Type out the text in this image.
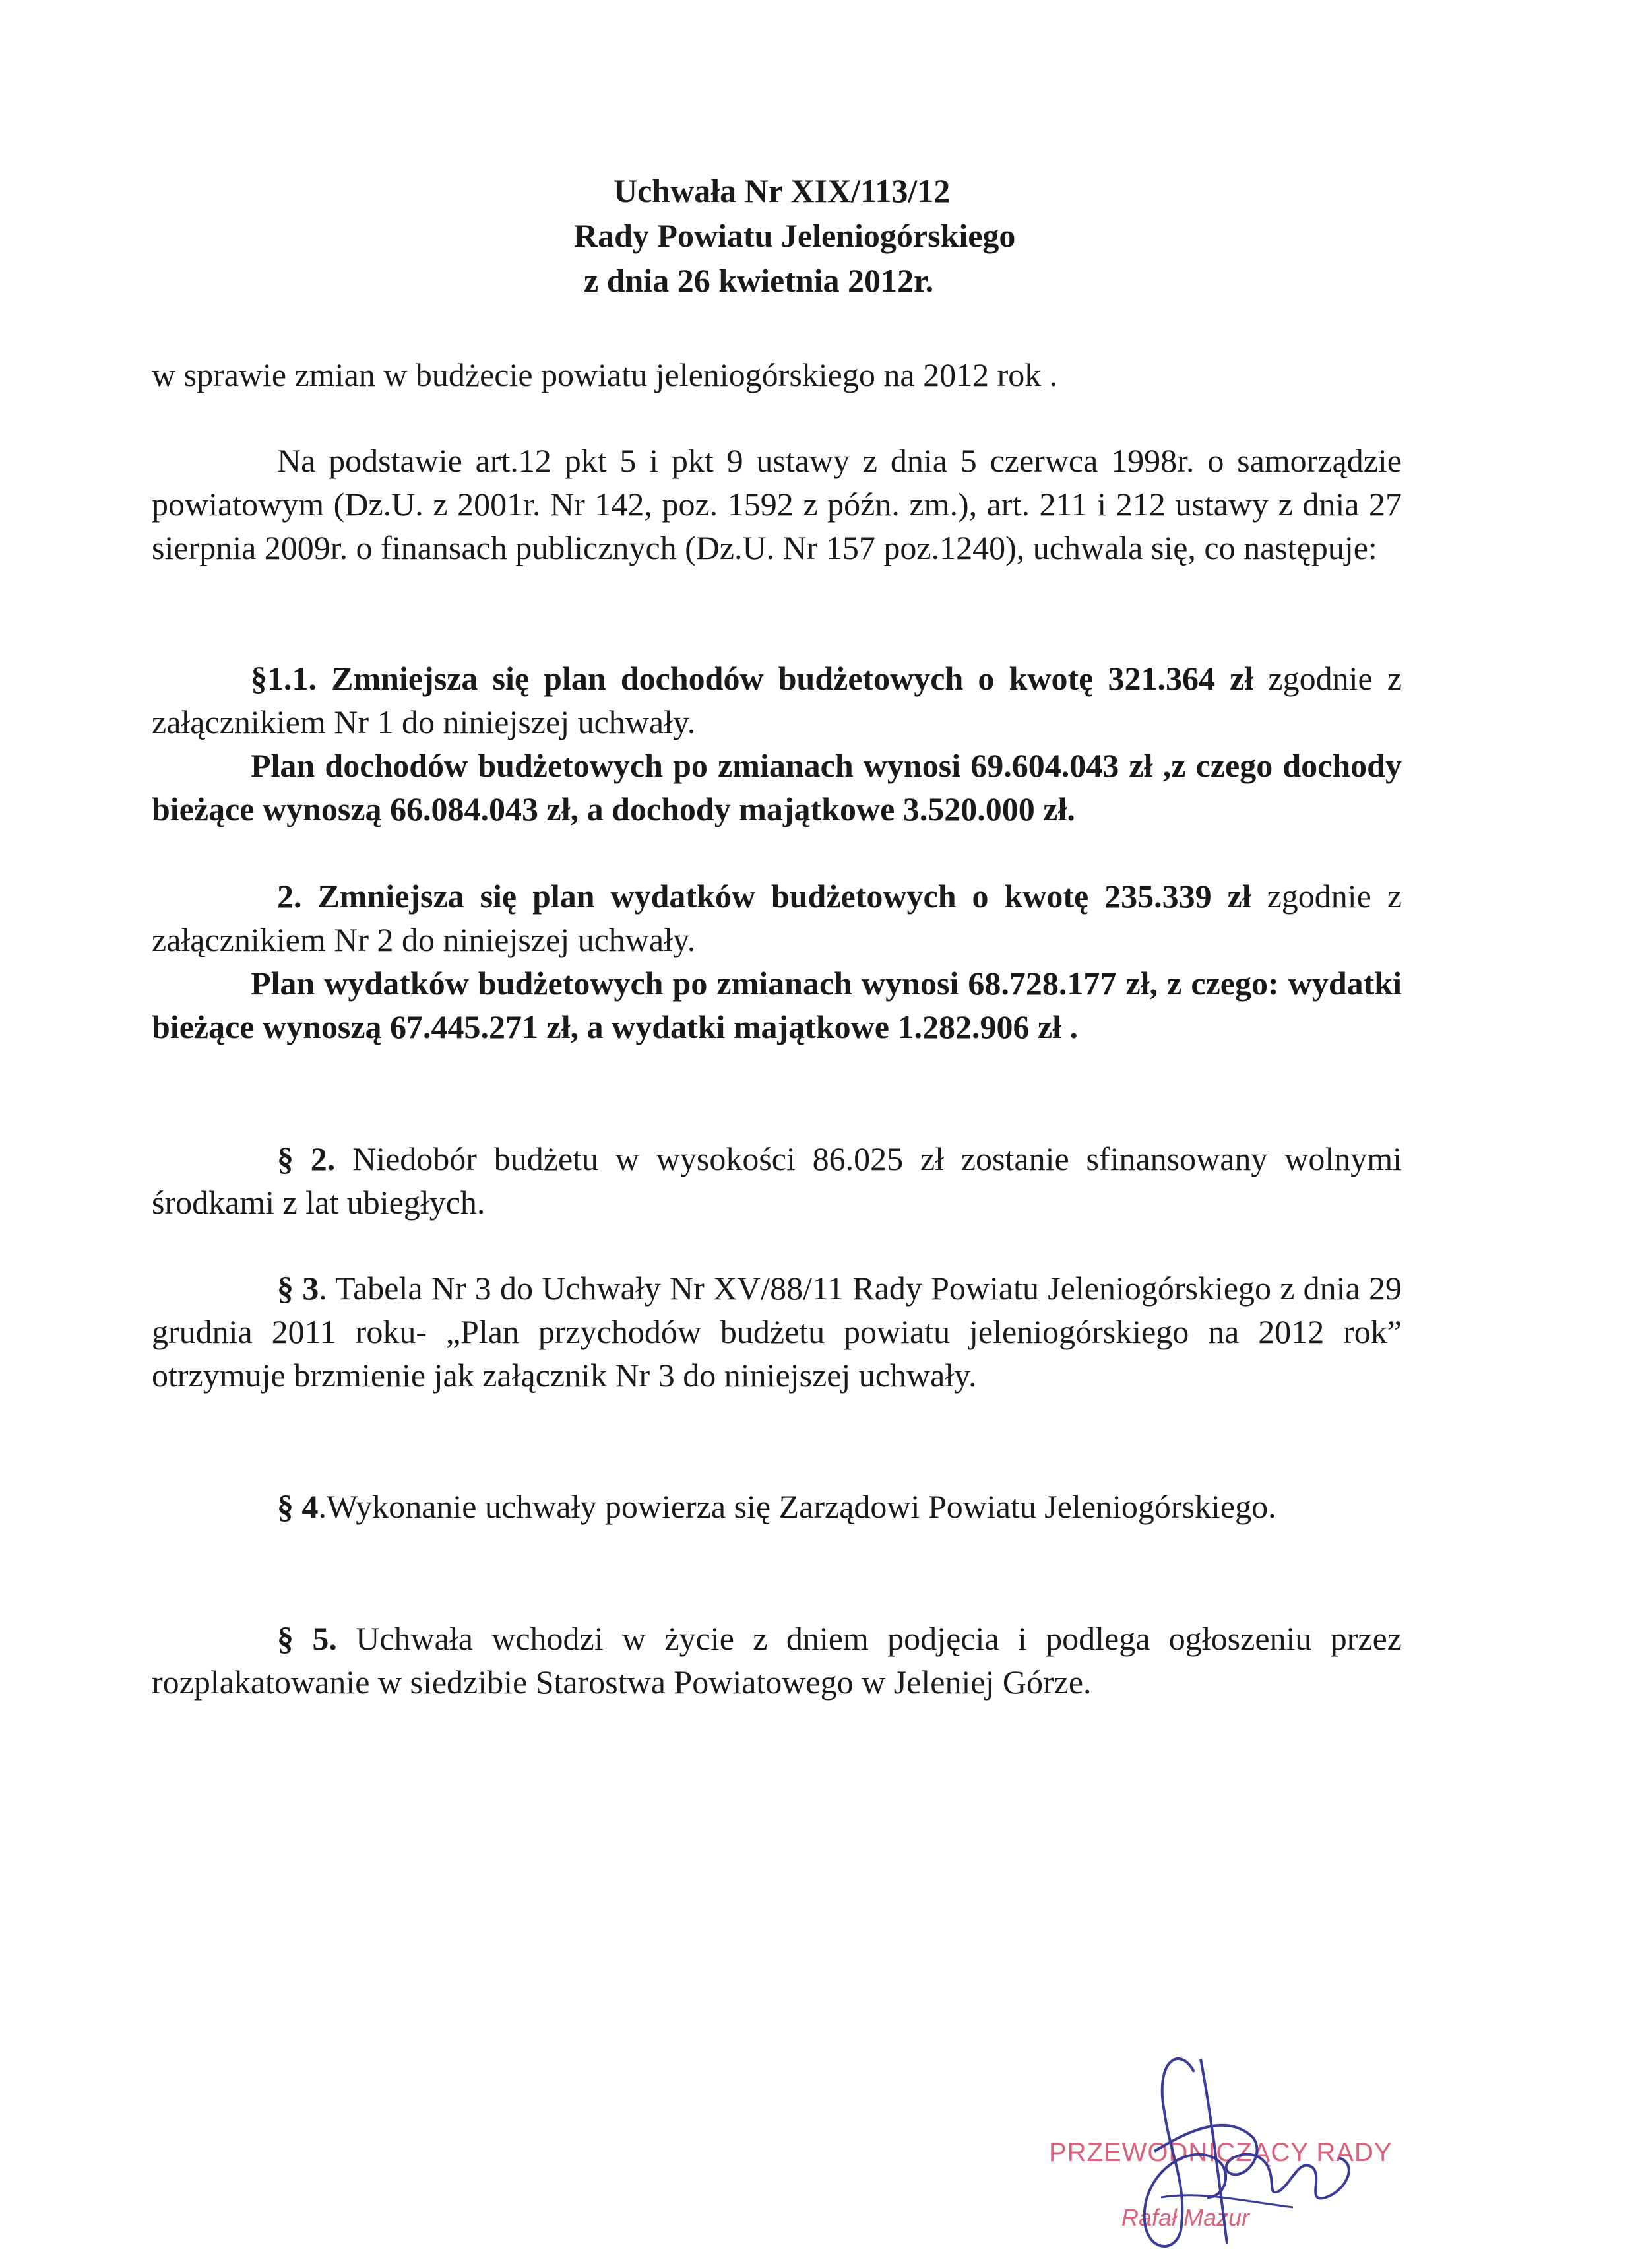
Uchwała Nr XIX/113/12
Rady Powiatu Jeleniogórskiego
z dnia 26 kwietnia 2012r.

w sprawie zmian w budżecie powiatu jeleniogórskiego na 2012 rok .

Na podstawie art.12 pkt 5 i pkt 9 ustawy z dnia 5 czerwca 1998r. o samorządzie powiatowym (Dz.U. z 2001r. Nr 142, poz. 1592 z późn. zm.), art. 211 i 212 ustawy z dnia 27 sierpnia 2009r. o finansach publicznych (Dz.U. Nr 157 poz.1240), uchwala się, co następuje:

§1.1. Zmniejsza się plan dochodów budżetowych o kwotę 321.364 zł zgodnie z załącznikiem Nr 1 do niniejszej uchwały.

Plan dochodów budżetowych po zmianach wynosi 69.604.043 zł ,z czego dochody bieżące wynoszą 66.084.043 zł, a dochody majątkowe 3.520.000 zł.

2. Zmniejsza się plan wydatków budżetowych o kwotę 235.339 zł zgodnie z załącznikiem Nr 2 do niniejszej uchwały.

Plan wydatków budżetowych po zmianach wynosi 68.728.177 zł, z czego: wydatki bieżące wynoszą 67.445.271 zł, a wydatki majątkowe 1.282.906 zł .

§ 2. Niedobór budżetu w wysokości 86.025 zł zostanie sfinansowany wolnymi środkami z lat ubiegłych.

§ 3. Tabela Nr 3 do Uchwały Nr XV/88/11 Rady Powiatu Jeleniogórskiego z dnia 29 grudnia 2011 roku- „Plan przychodów budżetu powiatu jeleniogórskiego na 2012 rok” otrzymuje brzmienie jak załącznik Nr 3 do niniejszej uchwały.

§ 4.Wykonanie uchwały powierza się Zarządowi Powiatu Jeleniogórskiego.

§ 5. Uchwała wchodzi w życie z dniem podjęcia i podlega ogłoszeniu przez rozplakatowanie w siedzibie Starostwa Powiatowego w Jeleniej Górze.

PRZEWODNICZĄCY RADY
Rafał Mazur
